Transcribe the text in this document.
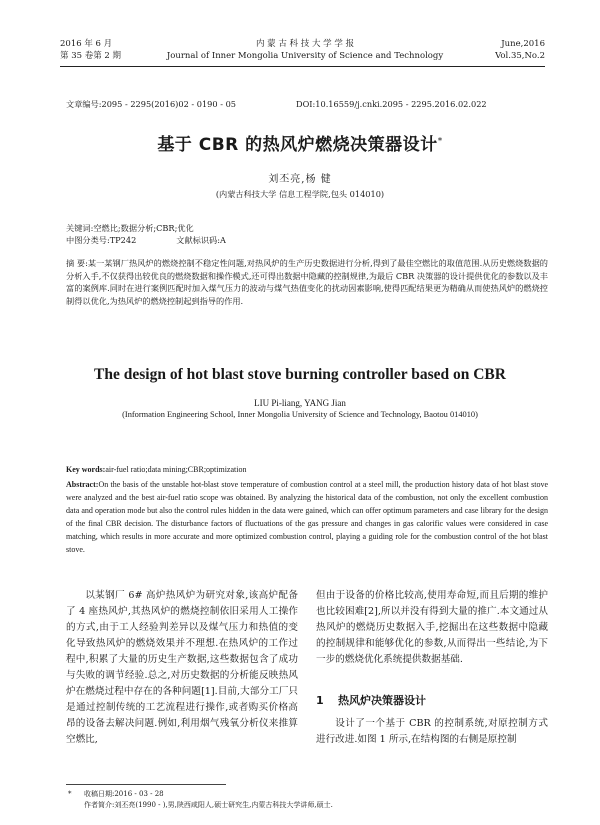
2016 年 6 月
第 35 卷第 2 期
内 蒙 古 科 技 大 学 学 报
Journal of Inner Mongolia University of Science and Technology
June,2016
Vol.35,No.2
文章编号:2095 - 2295(2016)02 - 0190 - 05	DOI:10.16559/j.cnki.2095 - 2295.2016.02.022
基于 CBR 的热风炉燃烧决策器设计*
刘丕亮,杨 健
(内蒙古科技大学 信息工程学院,包头 014010)
关键词:空燃比;数据分析;CBR;优化
中图分类号:TP242	文献标识码:A
摘 要:某一某钢厂热风炉的燃烧控制不稳定性问题,对热风炉的生产历史数据进行分析,得到了最佳空燃比的取值范围.从历史燃烧数据的分析入手,不仅获得出较优良的燃烧数据和操作模式,还可得出数据中隐藏的控制规律,为最后 CBR 决策器的设计提供优化的参数以及丰富的案例库.同时在进行案例匹配时加入煤气压力的波动与煤气热值变化的扰动因素影响,使得匹配结果更为精确从而使热风炉的燃烧控制得以优化,为热风炉的燃烧控制起到指导的作用.
The design of hot blast stove burning controller based on CBR
LIU Pi-liang, YANG Jian
(Information Engineering School, Inner Mongolia University of Science and Technology, Baotou 014010)
Key words:air-fuel ratio;data mining;CBR;optimization
Abstract:On the basis of the unstable hot-blast stove temperature of combustion control at a steel mill, the production history data of hot blast stove were analyzed and the best air-fuel ratio scope was obtained. By analyzing the historical data of the combustion, not only the excellent combustion data and operation mode but also the control rules hidden in the data were gained, which can offer optimum parameters and case library for the design of the final CBR decision. The disturbance factors of fluctuations of the gas pressure and changes in gas calorific values were considered in case matching, which results in more accurate and more optimized combustion control, playing a guiding role for the combustion control of the hot blast stove.
以某钢厂 6# 高炉热风炉为研究对象,该高炉配备了 4 座热风炉,其热风炉的燃烧控制依旧采用人工操作的方式,由于工人经验判差异以及煤气压力和热值的变化导致热风炉的燃烧效果并不理想.在热风炉的工作过程中,积累了大量的历史生产数据,这些数据包含了成功与失败的调节经验.总之,对历史数据的分析能反映热风炉在燃烧过程中存在的各种问题[1].目前,大部分工厂只是通过控制传统的工艺流程进行操作,或者购买价格高昂的设备去解决问题.例如,利用烟气残氧分析仪来推算空燃比,

但由于设备的价格比较高,使用寿命短,而且后期的维护也比较困难[2],所以并没有得到大量的推广.本文通过从热风炉的燃烧历史数据入手,挖掘出在这些数据中隐藏的控制规律和能够优化的参数,从而得出一些结论,为下一步的燃烧优化系统提供数据基础.

1 热风炉决策器设计
设计了一个基于 CBR 的控制系统,对原控制方式进行改进.如图 1 所示,在结构图的右侧是原控制
*	收稿日期:2016 - 03 - 28
作者简介:刘丕亮(1990 - ),男,陕西咸阳人,硕士研究生,内蒙古科技大学讲师,硕士.
